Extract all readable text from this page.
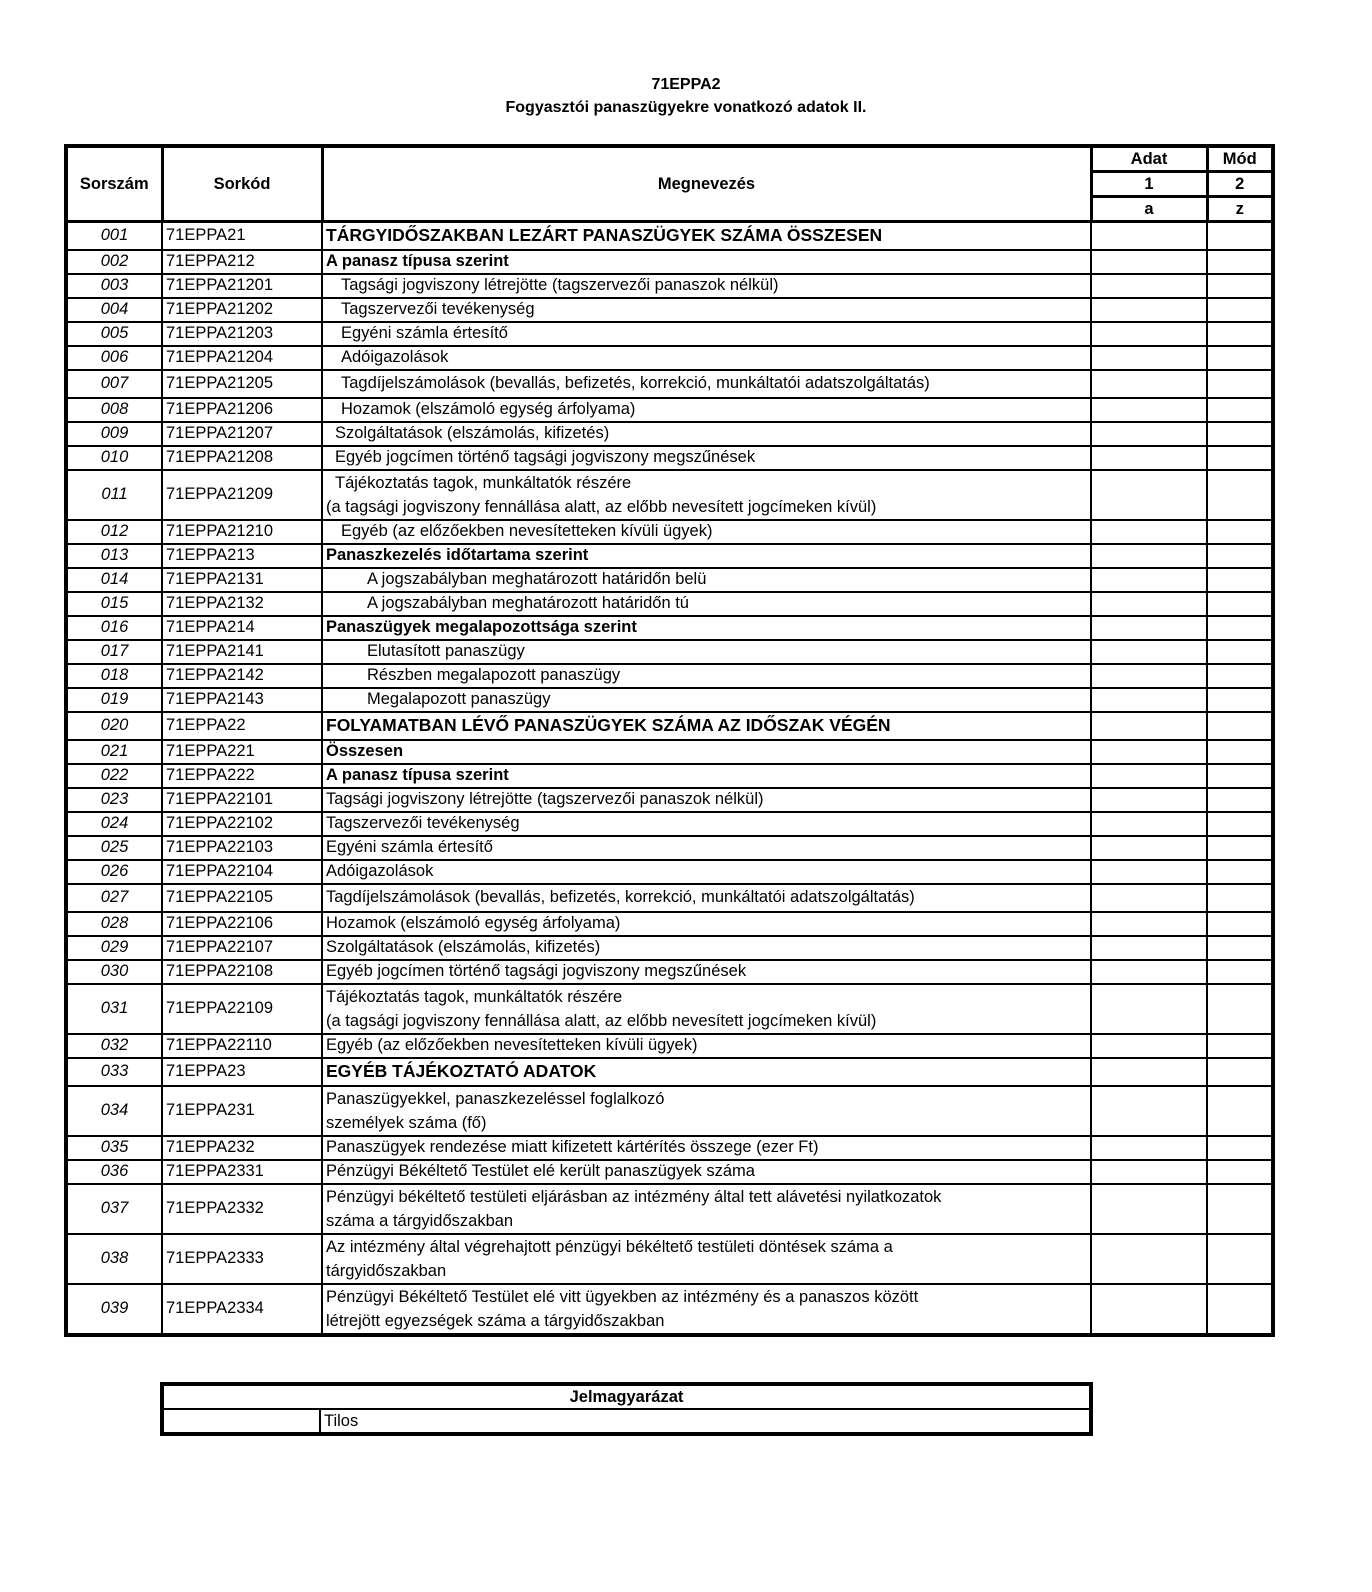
71EPPA2
Fogyasztói panaszügyekre vonatkozó adatok II.
Sorszám	Sorkód	Megnevezés	Adat	Mód
			1	2
			a	z
001	71EPPA21	TÁRGYIDŐSZAKBAN LEZÁRT PANASZÜGYEK SZÁMA ÖSSZESEN		
002	71EPPA212	A panasz típusa szerint		
003	71EPPA21201	Tagsági jogviszony létrejötte (tagszervezői panaszok nélkül)		
004	71EPPA21202	Tagszervezői tevékenység		
005	71EPPA21203	Egyéni számla értesítő		
006	71EPPA21204	Adóigazolások		
007	71EPPA21205	Tagdíjelszámolások (bevallás, befizetés, korrekció, munkáltatói adatszolgáltatás)		
008	71EPPA21206	Hozamok (elszámoló egység árfolyama)		
009	71EPPA21207	Szolgáltatások (elszámolás, kifizetés)		
010	71EPPA21208	Egyéb jogcímen történő tagsági jogviszony megszűnések		
011	71EPPA21209	Tájékoztatás tagok, munkáltatók részére
(a tagsági jogviszony fennállása alatt, az előbb nevesített jogcímeken kívül)		

012	71EPPA21210	Egyéb (az előzőekben nevesítetteken kívüli ügyek)		
013	71EPPA213	Panaszkezelés időtartama szerint		
014	71EPPA2131	A jogszabályban meghatározott határidőn belü		
015	71EPPA2132	A jogszabályban meghatározott határidőn tú		
016	71EPPA214	Panaszügyek megalapozottsága szerint		
017	71EPPA2141	Elutasított panaszügy		
018	71EPPA2142	Részben megalapozott panaszügy		
019	71EPPA2143	Megalapozott panaszügy		
020	71EPPA22	FOLYAMATBAN LÉVŐ PANASZÜGYEK SZÁMA AZ IDŐSZAK VÉGÉN		
021	71EPPA221	Összesen		
022	71EPPA222	A panasz típusa szerint		
023	71EPPA22101	Tagsági jogviszony létrejötte (tagszervezői panaszok nélkül)		
024	71EPPA22102	Tagszervezői tevékenység		
025	71EPPA22103	Egyéni számla értesítő		
026	71EPPA22104	Adóigazolások		
027	71EPPA22105	Tagdíjelszámolások (bevallás, befizetés, korrekció, munkáltatói adatszolgáltatás)		
028	71EPPA22106	Hozamok (elszámoló egység árfolyama)		
029	71EPPA22107	Szolgáltatások (elszámolás, kifizetés)		
030	71EPPA22108	Egyéb jogcímen történő tagsági jogviszony megszűnések		
031	71EPPA22109	Tájékoztatás tagok, munkáltatók részére
(a tagsági jogviszony fennállása alatt, az előbb nevesített jogcímeken kívül)		

032	71EPPA22110	Egyéb (az előzőekben nevesítetteken kívüli ügyek)		
033	71EPPA23	EGYÉB TÁJÉKOZTATÓ ADATOK		
034	71EPPA231	Panaszügyekkel, panaszkezeléssel foglalkozó
személyek száma (fő)		

035	71EPPA232	Panaszügyek rendezése miatt kifizetett kártérítés összege (ezer Ft)		
036	71EPPA2331	Pénzügyi Békéltető Testület elé került panaszügyek száma		
037	71EPPA2332	Pénzügyi békéltető testületi eljárásban az intézmény által tett alávetési nyilatkozatok
száma a tárgyidőszakban		

038	71EPPA2333	Az intézmény által végrehajtott pénzügyi békéltető testületi döntések száma a
tárgyidőszakban		

039	71EPPA2334	Pénzügyi Békéltető Testület elé vitt ügyekben az intézmény és a panaszos között
létrejött egyezségek száma a tárgyidőszakban		

Jelmagyarázat
	Tilos
